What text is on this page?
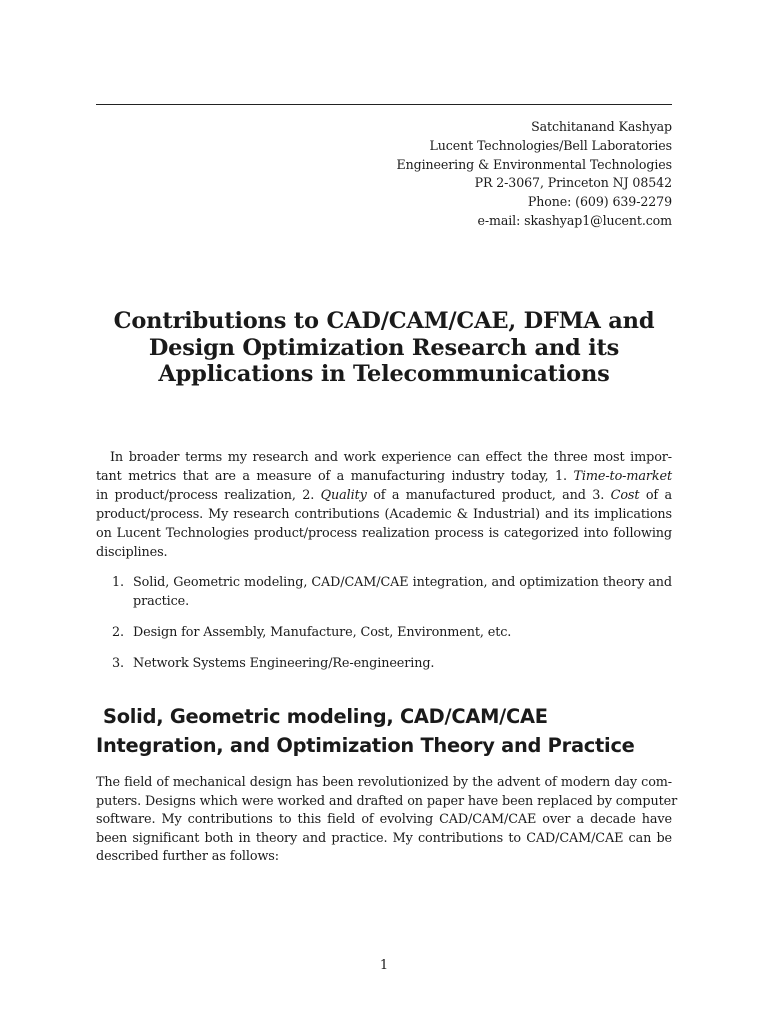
Satchitanand Kashyap
Lucent Technologies/Bell Laboratories
Engineering & Environmental Technologies
PR 2-3067, Princeton NJ 08542
Phone: (609) 639-2279
e-mail: skashyap1@lucent.com
Contributions to CAD/CAM/CAE, DFMA and
Design Optimization Research and its
Applications in Telecommunications
In broader terms my research and work experience can effect the three most impor-
tant metrics that are a measure of a manufacturing industry today, 1. Time-to-market
in product/process realization, 2. Quality of a manufactured product, and 3. Cost of a
product/process. My research contributions (Academic & Industrial) and its implications
on Lucent Technologies product/process realization process is categorized into following
disciplines.
1. Solid, Geometric modeling, CAD/CAM/CAE integration, and optimization theory and
practice.
2. Design for Assembly, Manufacture, Cost, Environment, etc.
3. Network Systems Engineering/Re-engineering.
Solid, Geometric modeling, CAD/CAM/CAE
Integration, and Optimization Theory and Practice
The field of mechanical design has been revolutionized by the advent of modern day com-
puters. Designs which were worked and drafted on paper have been replaced by computer
software. My contributions to this field of evolving CAD/CAM/CAE over a decade have
been significant both in theory and practice. My contributions to CAD/CAM/CAE can be
described further as follows:
1
